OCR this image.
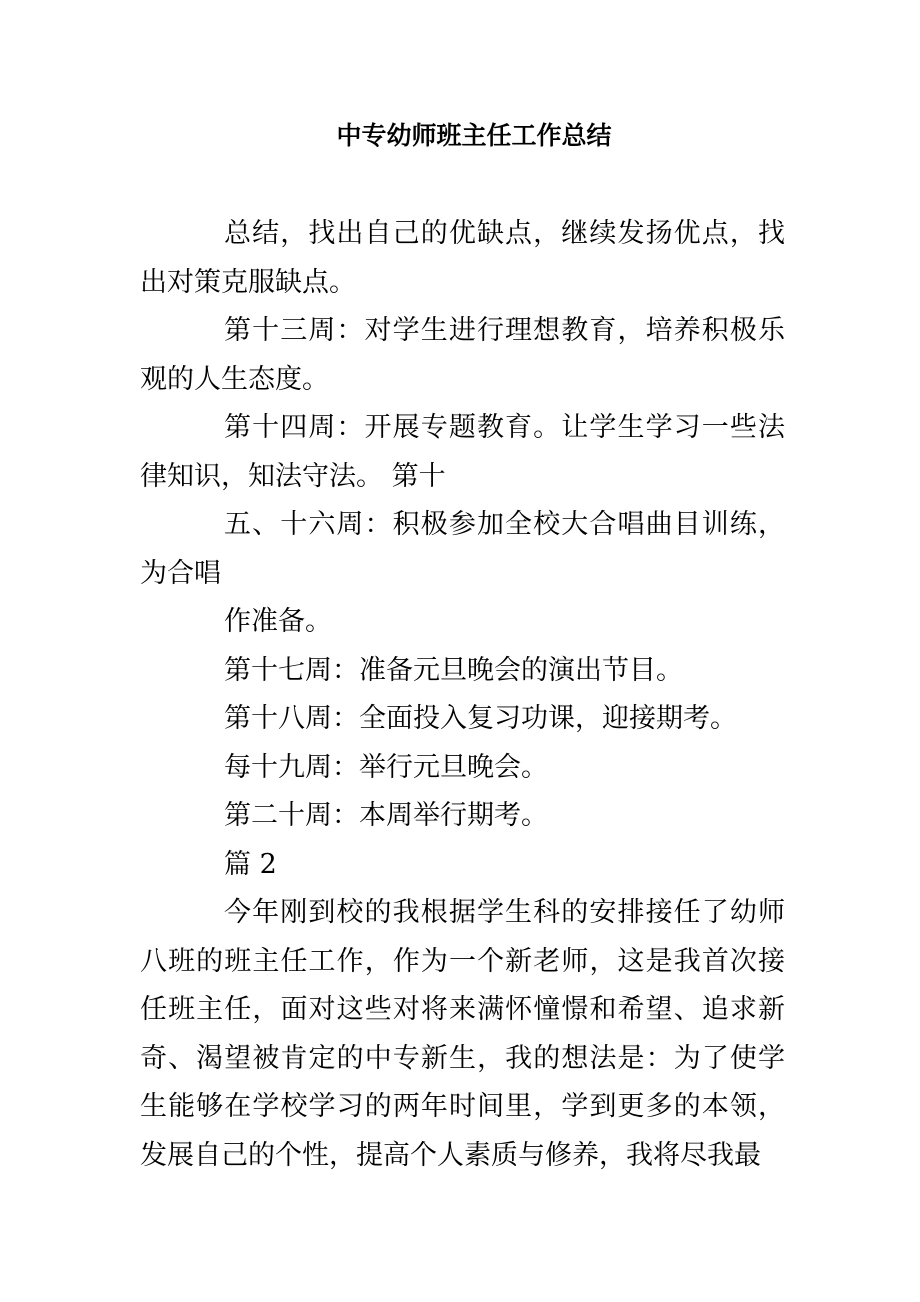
中专幼师班主任工作总结

总结，找出自己的优缺点，继续发扬优点，找出对策克服缺点。

第十三周：对学生进行理想教育，培养积极乐观的人生态度。

第十四周：开展专题教育。让学生学习一些法律知识，知法守法。 第十

五、十六周：积极参加全校大合唱曲目训练，为合唱

作准备。

第十七周：准备元旦晚会的演出节目。

第十八周：全面投入复习功课，迎接期考。

每十九周：举行元旦晚会。

第二十周：本周举行期考。

篇 2

今年刚到校的我根据学生科的安排接任了幼师八班的班主任工作，作为一个新老师，这是我首次接任班主任，面对这些对将来满怀憧憬和希望、追求新奇、渴望被肯定的中专新生，我的想法是：为了使学生能够在学校学习的两年时间里，学到更多的本领，发展自己的个性，提高个人素质与修养，我将尽我最
